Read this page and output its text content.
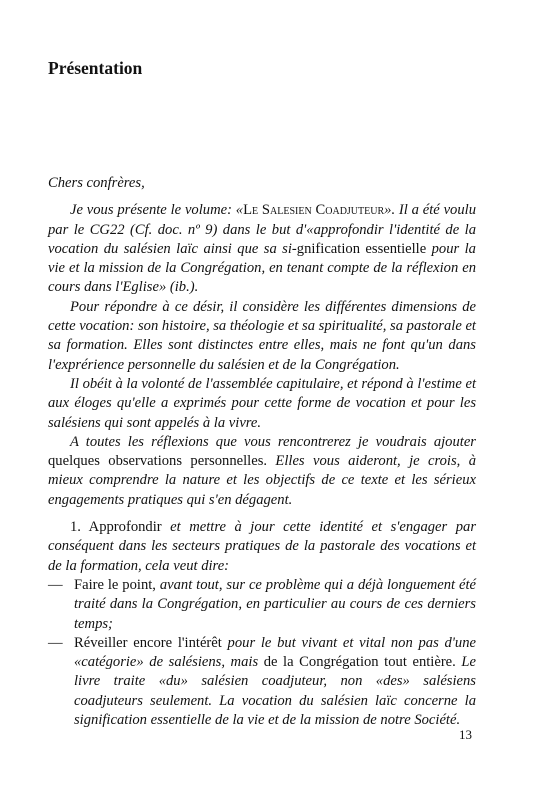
Présentation

Chers confrères,

Je vous présente le volume: «Le Salesien Coadjuteur». Il a été voulu par le CG22 (Cf. doc. nº 9) dans le but d'«approfondir l'identité de la vocation du salésien laïc ainsi que sa si-gnification essentielle pour la vie et la mission de la Congrégation, en tenant compte de la réflexion en cours dans l'Eglise» (ib.).

Pour répondre à ce désir, il considère les différentes dimensions de cette vocation: son histoire, sa théologie et sa spiritualité, sa pastorale et sa formation. Elles sont distinctes entre elles, mais ne font qu'un dans l'exprérience personnelle du salésien et de la Congrégation.

Il obéit à la volonté de l'assemblée capitulaire, et répond à l'estime et aux éloges qu'elle a exprimés pour cette forme de vocation et pour les salésiens qui sont appelés à la vivre.

A toutes les réflexions que vous rencontrerez je voudrais ajouter quelques observations personnelles. Elles vous aideront, je crois, à mieux comprendre la nature et les objectifs de ce texte et les sérieux engagements pratiques qui s'en dégagent.

1. Approfondir et mettre à jour cette identité et s'engager par conséquent dans les secteurs pratiques de la pastorale des vocations et de la formation, cela veut dire:

— Faire le point, avant tout, sur ce problème qui a déjà longuement été traité dans la Congrégation, en particulier au cours de ces derniers temps;

— Réveiller encore l'intérêt pour le but vivant et vital non pas d'une «catégorie» de salésiens, mais de la Congrégation tout entière. Le livre traite «du» salésien coadjuteur, non «des» salésiens coadjuteurs seulement. La vocation du salésien laïc concerne la signification essentielle de la vie et de la mission de notre Société.

13
